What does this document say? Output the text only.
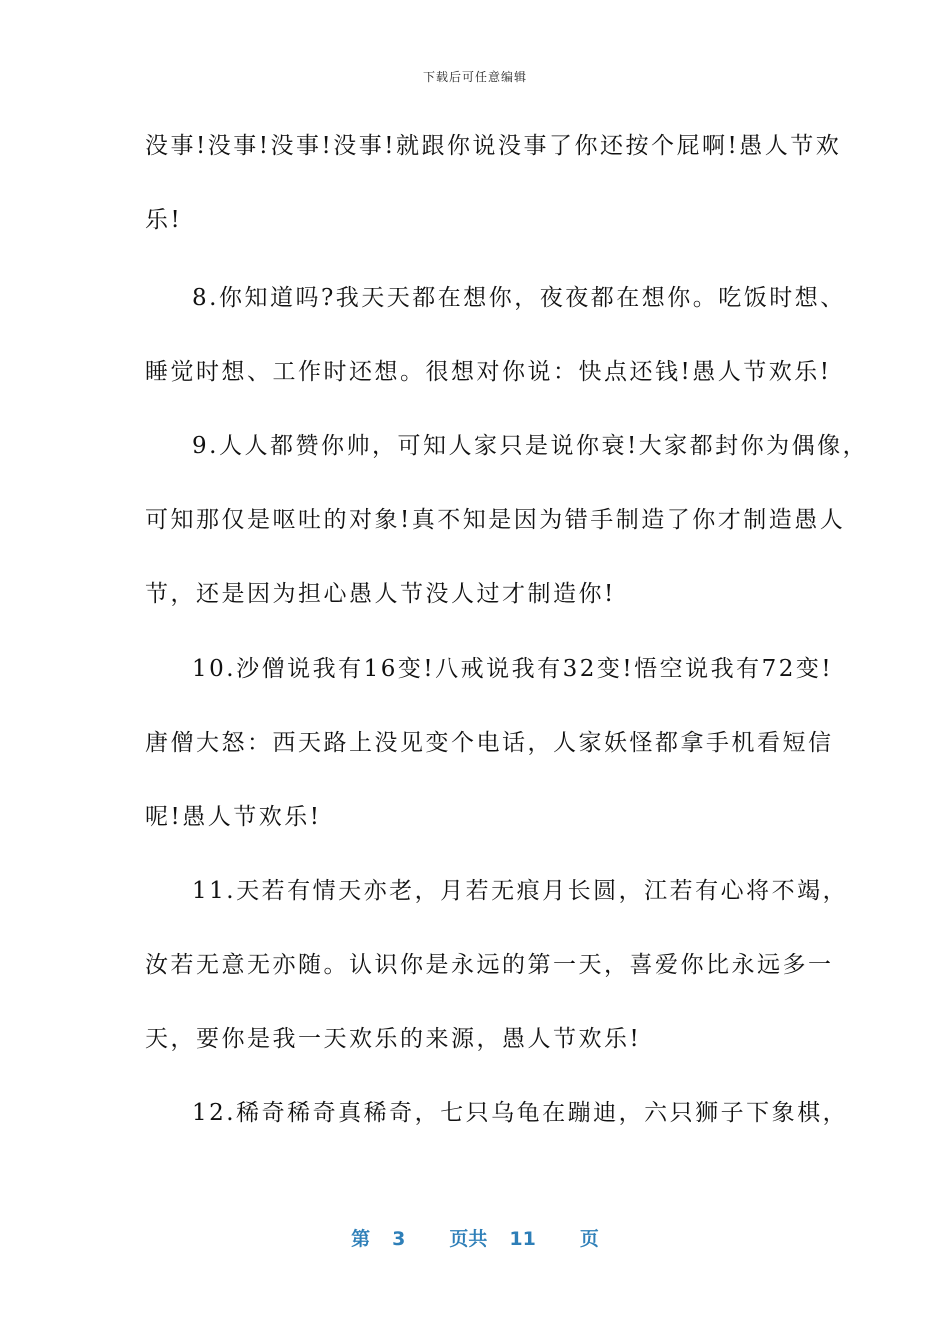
下载后可任意编辑
没事!没事!没事!没事!就跟你说没事了你还按个屁啊!愚人节欢
乐!
8.你知道吗?我天天都在想你，夜夜都在想你。吃饭时想、
睡觉时想、工作时还想。很想对你说：快点还钱!愚人节欢乐!
9.人人都赞你帅，可知人家只是说你衰!大家都封你为偶像，
可知那仅是呕吐的对象!真不知是因为错手制造了你才制造愚人
节，还是因为担心愚人节没人过才制造你!
10.沙僧说我有16变!八戒说我有32变!悟空说我有72变!
唐僧大怒：西天路上没见变个电话，人家妖怪都拿手机看短信
呢!愚人节欢乐!
11.天若有情天亦老，月若无痕月长圆，江若有心将不竭，
汝若无意无亦随。认识你是永远的第一天，喜爱你比永远多一
天，要你是我一天欢乐的来源，愚人节欢乐!
12.稀奇稀奇真稀奇，七只乌龟在蹦迪，六只狮子下象棋，
第 3 页共 11 页
